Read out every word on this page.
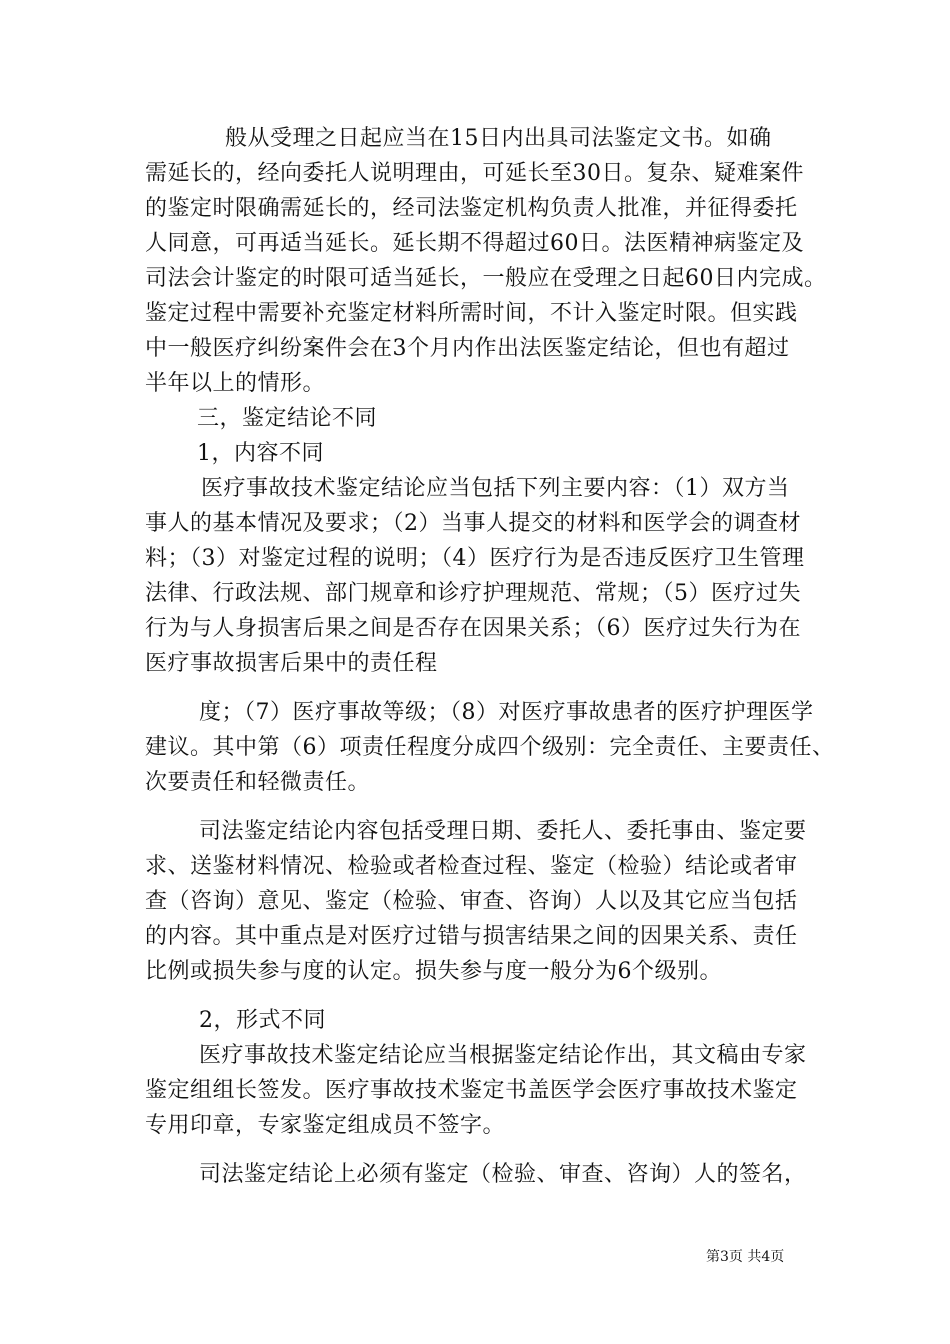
般从受理之日起应当在15日内出具司法鉴定文书。如确
需延长的，经向委托人说明理由，可延长至30日。复杂、疑难案件
的鉴定时限确需延长的，经司法鉴定机构负责人批准，并征得委托
人同意，可再适当延长。延长期不得超过60日。法医精神病鉴定及
司法会计鉴定的时限可适当延长，一般应在受理之日起60日内完成。
鉴定过程中需要补充鉴定材料所需时间，不计入鉴定时限。但实践
中一般医疗纠纷案件会在3个月内作出法医鉴定结论，但也有超过
半年以上的情形。
三，鉴定结论不同
1，内容不同
医疗事故技术鉴定结论应当包括下列主要内容：（1）双方当
事人的基本情况及要求；（2）当事人提交的材料和医学会的调查材
料；（3）对鉴定过程的说明；（4）医疗行为是否违反医疗卫生管理
法律、行政法规、部门规章和诊疗护理规范、常规；（5）医疗过失
行为与人身损害后果之间是否存在因果关系；（6）医疗过失行为在
医疗事故损害后果中的责任程
度；（7）医疗事故等级；（8）对医疗事故患者的医疗护理医学
建议。其中第（6）项责任程度分成四个级别：完全责任、主要责任、
次要责任和轻微责任。
司法鉴定结论内容包括受理日期、委托人、委托事由、鉴定要
求、送鉴材料情况、检验或者检查过程、鉴定（检验）结论或者审
查（咨询）意见、鉴定（检验、审查、咨询）人以及其它应当包括
的内容。其中重点是对医疗过错与损害结果之间的因果关系、责任
比例或损失参与度的认定。损失参与度一般分为6个级别。
2，形式不同
医疗事故技术鉴定结论应当根据鉴定结论作出，其文稿由专家
鉴定组组长签发。医疗事故技术鉴定书盖医学会医疗事故技术鉴定
专用印章，专家鉴定组成员不签字。
司法鉴定结论上必须有鉴定（检验、审查、咨询）人的签名，
第3页 共4页
